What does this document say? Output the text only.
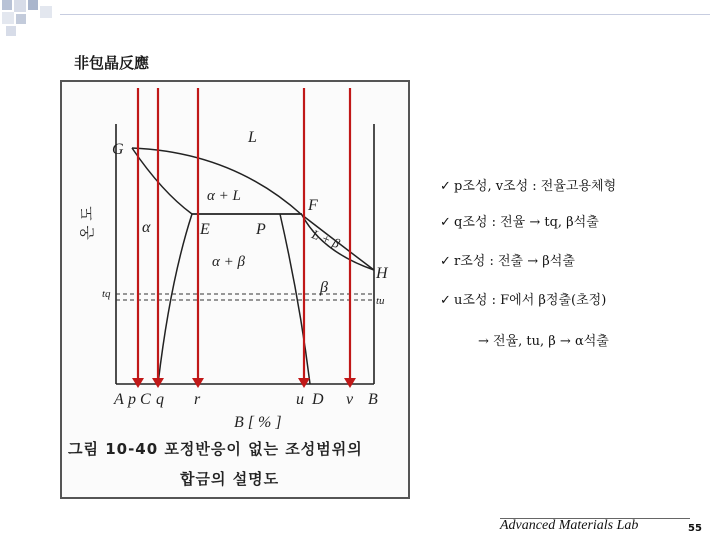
非包晶反應
L
G
F
E	P
H
α + L
α
α + β
β
L + β
온 도
tq
tu
A p C q r	u D v B
B [ % ]
그림 10-40 포정반응이 없는 조성범위의
합금의 설명도
✓ p조성, v조성 : 전율고용체형
✓ q조성 : 전율 → tq, β석출
✓ r조성 : 전출 → β석출
✓ u조성 : F에서 β정출(초정)
→ 전율, tu, β → α석출
Advanced Materials Lab	55
